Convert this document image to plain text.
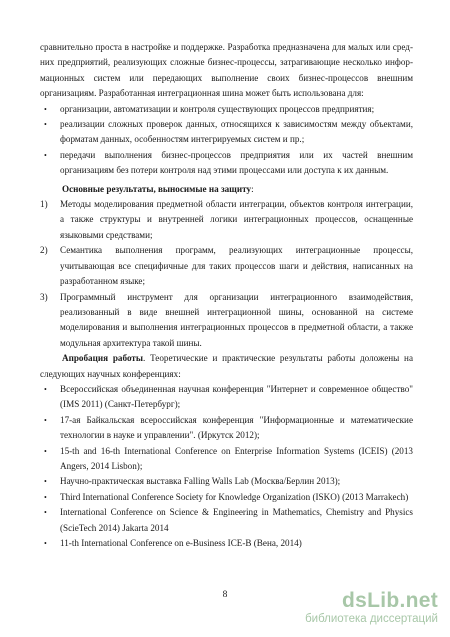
сравнительно проста в настройке и поддержке. Разработка предназначена для малых или сред- них предприятий, реализующих сложные бизнес-процессы, затрагивающие несколько инфор- мационных систем или передающих выполнение своих бизнес-процессов внешним организациям. Разработанная интеграционная шина может быть использована для:

• организации, автоматизации и контроля существующих процессов предприятия;
• реализации сложных проверок данных, относящихся к зависимостям между объектами, форматам данных, особенностям интегрируемых систем и пр.;
• передачи выполнения бизнес-процессов предприятия или их частей внешним организациям без потери контроля над этими процессами или доступа к их данным.

Основные результаты, выносимые на защиту:

1) Методы моделирования предметной области интеграции, объектов контроля интеграции, а также структуры и внутренней логики интеграционных процессов, оснащенные языковыми средствами;
2) Семантика выполнения программ, реализующих интеграционные процессы, учитывающая все специфичные для таких процессов шаги и действия, написанных на разработанном языке;
3) Программный инструмент для организации интеграционного взаимодействия, реализованный в виде внешней интеграционной шины, основанной на системе моделирования и выполнения интеграционных процессов в предметной области, а также модульная архитектура такой шины.

Апробация работы. Теоретические и практические результаты работы доложены на следующих научных конференциях:

• Всероссийская объединенная научная конференция "Интернет и современное общество" (IMS 2011) (Санкт-Петербург);
• 17-ая Байкальская всероссийская конференция "Информационные и математические технологии в науке и управлении". (Иркутск 2012);
• 15-th and 16-th International Conference on Enterprise Information Systems (ICEIS) (2013 Angers, 2014 Lisbon);
• Научно-практическая выставка Falling Walls Lab (Москва/Берлин 2013);
• Third International Conference Society for Knowledge Organization (ISKO) (2013 Marrakech)
• International Conference on Science & Engineering in Mathematics, Chemistry and Physics (ScieTech 2014) Jakarta 2014
• 11-th International Conference on e-Business ICE-B (Вена, 2014)
8	dsLib.net
библиотека диссертаций
